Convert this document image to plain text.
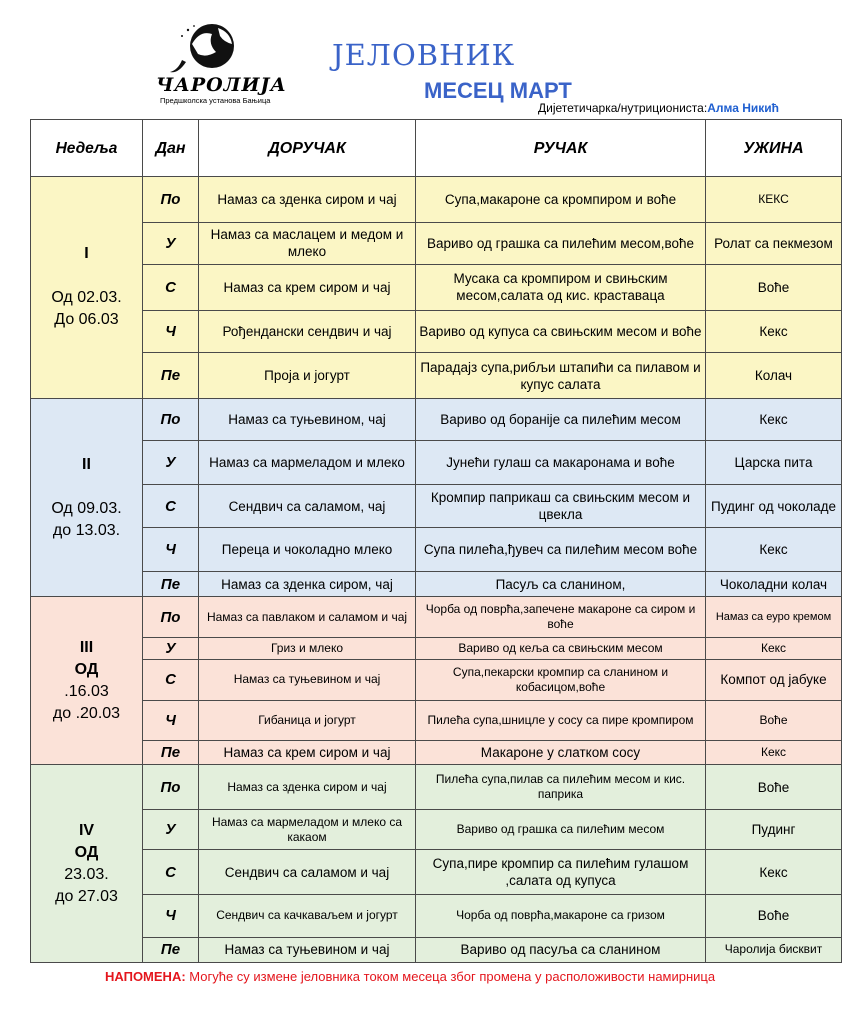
ЧАРОЛИЈА
Предшколска установа Бањица
ЈЕЛОВНИК
МЕСЕЦ МАРТ
Дијететичарка/нутрициониста:Алма Никић
Недеља	Дан	ДОРУЧАК	РУЧАК	УЖИНА

I

Од 02.03.
До 06.03	По	Намаз са зденка сиром и чај	Супа,макароне са кромпиром и воће	КЕКС
	У	Намаз са маслацем и медом и млеко	Вариво од грашка са пилећим месом,воће	Ролат са пекмезом
	С	Намаз са крем сиром и чај	Мусака са кромпиром и свињским месом,салата од кис. краставаца	Воће
	Ч	Рођендански сендвич и чај	Вариво од купуса са свињским месом и воће	Кекс
	Пе	Проја и јогурт	Парадајз супа,рибљи штапићи са пилавом и купус салата	Колач

II

Од 09.03.
до 13.03.	По	Намаз са туњевином, чај	Вариво од боранije са пилећим месом	Кекс
	У	Намаз са мармеладом и млеко	Јунећи гулаш са макаронама и воће	Царска пита
	С	Сендвич са саламом, чај	Кромпир паприкаш са свињским месом и цвекла	Пудинг од чоколаде
	Ч	Переца и чоколадно млеко	Супа пилећа,ђувеч са пилећим месом воће	Кекс
	Пе	Намаз са зденка сиром, чај	Пасуљ са сланином,	Чоколадни колач

III
ОД
.16.03
до .20.03	По	Намаз са павлаком и саламом и чај	Чорба од поврћа,запечене макароне са сиром и воће	Намаз са еуро кремом
	У	Гриз и млеко	Вариво од кеља са свињским месом	Кекс
	С	Намаз са туњевином и чај	Супа,пекарски кромпир са сланином и кобасицом,воће	Компот од јабуке
	Ч	Гибаница и јогурт	Пилећа супа,шницле у сосу са пире кромпиром	Воће
	Пе	Намаз са крем сиром и чај	Макароне у слатком сосу	Кекс

IV
ОД
23.03.
до 27.03	По	Намаз са зденка сиром и чај	Пилећа супа,пилав са пилећим месом и кис. паприка	Воће
	У	Намаз са мармеладом и млеко са какаом	Вариво од грашка са пилећим месом	Пудинг
	С	Сендвич са саламом и чај	Супа,пире кромпир са пилећим гулашом ,салата од купуса	Кекс
	Ч	Сендвич са качкаваљем и јогурт	Чорба од поврћа,макароне са гризом	Воће
	Пе	Намаз са туњевином и чај	Вариво од пасуља са сланином	Чаролија бисквит
НАПОМЕНА: Могуће су измене јеловника током месеца због промена у расположивости намирница
